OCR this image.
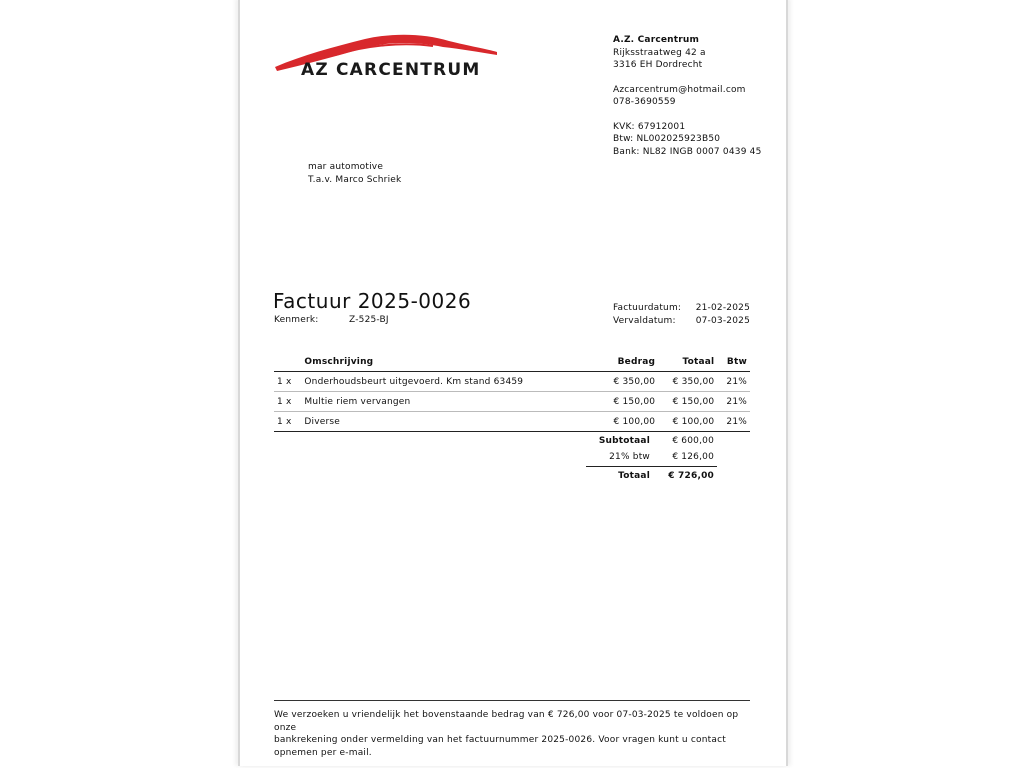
AZ CARCENTRUM
A.Z. Carcentrum
Rijksstraatweg 42 a
3316 EH Dordrecht
Azcarcentrum@hotmail.com
078-3690559
KVK: 67912001
Btw: NL002025923B50
Bank: NL82 INGB 0007 0439 45
mar automotive
T.a.v. Marco Schriek
Factuur 2025-0026
Kenmerk:	Z-525-BJ
Factuurdatum: 21-02-2025
Vervaldatum: 07-03-2025
	Omschrijving	Bedrag	Totaal	Btw
1 x	Onderhoudsbeurt uitgevoerd. Km stand 63459	€ 350,00	€ 350,00	21%
1 x	Multie riem vervangen	€ 150,00	€ 150,00	21%
1 x	Diverse	€ 100,00	€ 100,00	21%
Subtotaal	€ 600,00
21% btw	€ 126,00
Totaal	€ 726,00
We verzoeken u vriendelijk het bovenstaande bedrag van € 726,00 voor 07-03-2025 te voldoen op onze
bankrekening onder vermelding van het factuurnummer 2025-0026. Voor vragen kunt u contact opnemen per e-mail.
